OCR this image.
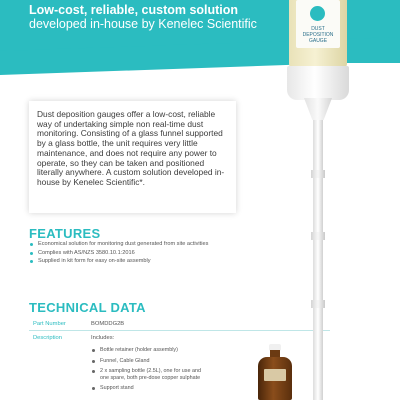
Low-cost, reliable, custom solution developed in-house by Kenelec Scientific	DUST DEPOSITION GAUGE

Dust deposition gauges offer a low-cost, reliable way of undertaking simple non real-time dust monitoring. Consisting of a glass funnel supported by a glass bottle, the unit requires very little maintenance, and does not require any power to operate, so they can be taken and positioned literally anywhere. A custom solution developed in-house by Kenelec Scientific*.

FEATURES
Economical solution for monitoring dust generated from site activities
Complies with AS/NZS 3580.10.1:2016
Supplied in kit form for easy on-site assembly
TECHNICAL DATA
Part Number	BOMDDG2B
Description	Includes:
Bottle retainer (holder assembly)
Funnel, Cable Gland
2 x sampling bottle (2.5L), one for use and one spare, both pre-dose copper sulphate
Support stand
